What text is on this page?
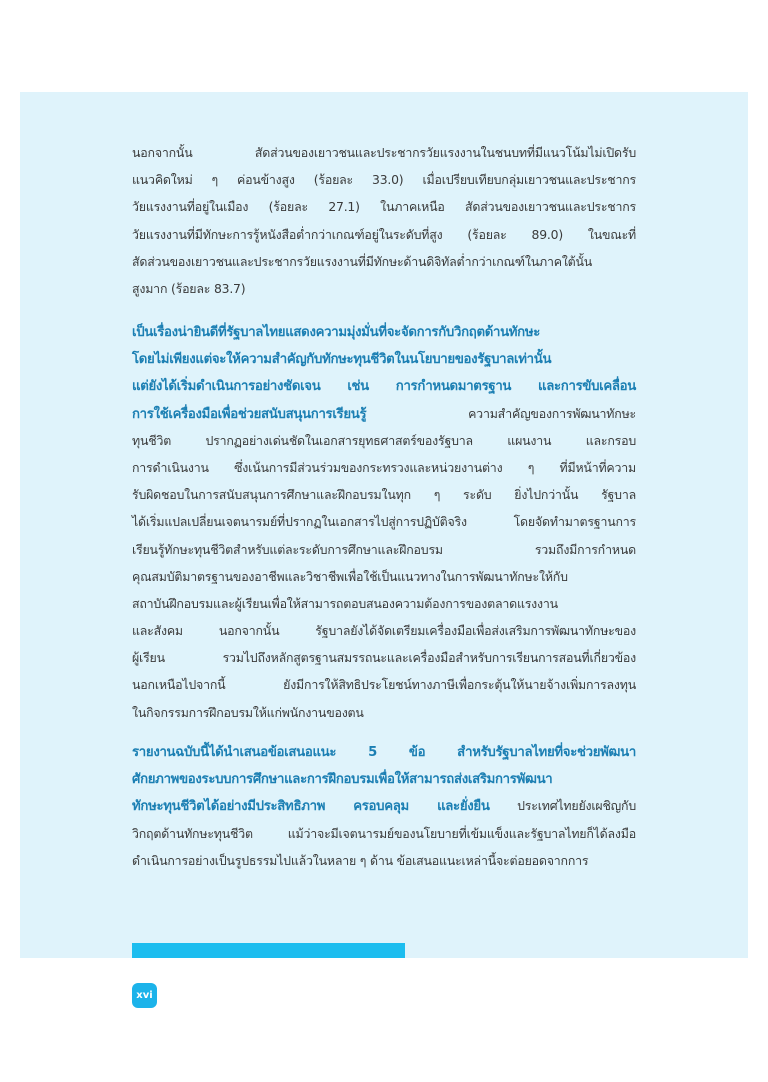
นอกจากนั้น สัดส่วนของเยาวชนและประชากรวัยแรงงานในชนบทที่มีแนวโน้มไม่เปิดรับ
แนวคิดใหม่ ๆ ค่อนข้างสูง (ร้อยละ 33.0) เมื่อเปรียบเทียบกลุ่มเยาวชนและประชากร
วัยแรงงานที่อยู่ในเมือง (ร้อยละ 27.1) ในภาคเหนือ สัดส่วนของเยาวชนและประชากร
วัยแรงงานที่มีทักษะการรู้หนังสือต่ำกว่าเกณฑ์อยู่ในระดับที่สูง (ร้อยละ 89.0) ในขณะที่
สัดส่วนของเยาวชนและประชากรวัยแรงงานที่มีทักษะด้านดิจิทัลต่ำกว่าเกณฑ์ในภาคใต้นั้น
สูงมาก (ร้อยละ 83.7)
เป็นเรื่องน่ายินดีที่รัฐบาลไทยแสดงความมุ่งมั่นที่จะจัดการกับวิกฤตด้านทักษะ
โดยไม่เพียงแต่จะให้ความสำคัญกับทักษะทุนชีวิตในนโยบายของรัฐบาลเท่านั้น
แต่ยังได้เริ่มดำเนินการอย่างชัดเจน เช่น การกำหนดมาตรฐาน และการขับเคลื่อน
การใช้เครื่องมือเพื่อช่วยสนับสนุนการเรียนรู้ ความสำคัญของการพัฒนาทักษะ
ทุนชีวิต ปรากฏอย่างเด่นชัดในเอกสารยุทธศาสตร์ของรัฐบาล แผนงาน และกรอบ
การดำเนินงาน ซึ่งเน้นการมีส่วนร่วมของกระทรวงและหน่วยงานต่าง ๆ ที่มีหน้าที่ความ
รับผิดชอบในการสนับสนุนการศึกษาและฝึกอบรมในทุก ๆ ระดับ ยิ่งไปกว่านั้น รัฐบาล
ได้เริ่มแปลเปลี่ยนเจตนารมย์ที่ปรากฏในเอกสารไปสู่การปฏิบัติจริง โดยจัดทำมาตรฐานการ
เรียนรู้ทักษะทุนชีวิตสำหรับแต่ละระดับการศึกษาและฝึกอบรม รวมถึงมีการกำหนด
คุณสมบัติมาตรฐานของอาชีพและวิชาชีพเพื่อใช้เป็นแนวทางในการพัฒนาทักษะให้กับ
สถาบันฝึกอบรมและผู้เรียนเพื่อให้สามารถตอบสนองความต้องการของตลาดแรงงาน
และสังคม นอกจากนั้น รัฐบาลยังได้จัดเตรียมเครื่องมือเพื่อส่งเสริมการพัฒนาทักษะของ
ผู้เรียน รวมไปถึงหลักสูตรฐานสมรรถนะและเครื่องมือสำหรับการเรียนการสอนที่เกี่ยวข้อง
นอกเหนือไปจากนี้ ยังมีการให้สิทธิประโยชน์ทางภาษีเพื่อกระตุ้นให้นายจ้างเพิ่มการลงทุน
ในกิจกรรมการฝึกอบรมให้แก่พนักงานของตน
รายงานฉบับนี้ได้นำเสนอข้อเสนอแนะ 5 ข้อ สำหรับรัฐบาลไทยที่จะช่วยพัฒนา
ศักยภาพของระบบการศึกษาและการฝึกอบรมเพื่อให้สามารถส่งเสริมการพัฒนา
ทักษะทุนชีวิตได้อย่างมีประสิทธิภาพ ครอบคลุม และยั่งยืน ประเทศไทยยังเผชิญกับ
วิกฤตด้านทักษะทุนชีวิต แม้ว่าจะมีเจตนารมย์ของนโยบายที่เข้มแข็งและรัฐบาลไทยก็ได้ลงมือ
ดำเนินการอย่างเป็นรูปธรรมไปแล้วในหลาย ๆ ด้าน ข้อเสนอแนะเหล่านี้จะต่อยอดจากการ
xvi
